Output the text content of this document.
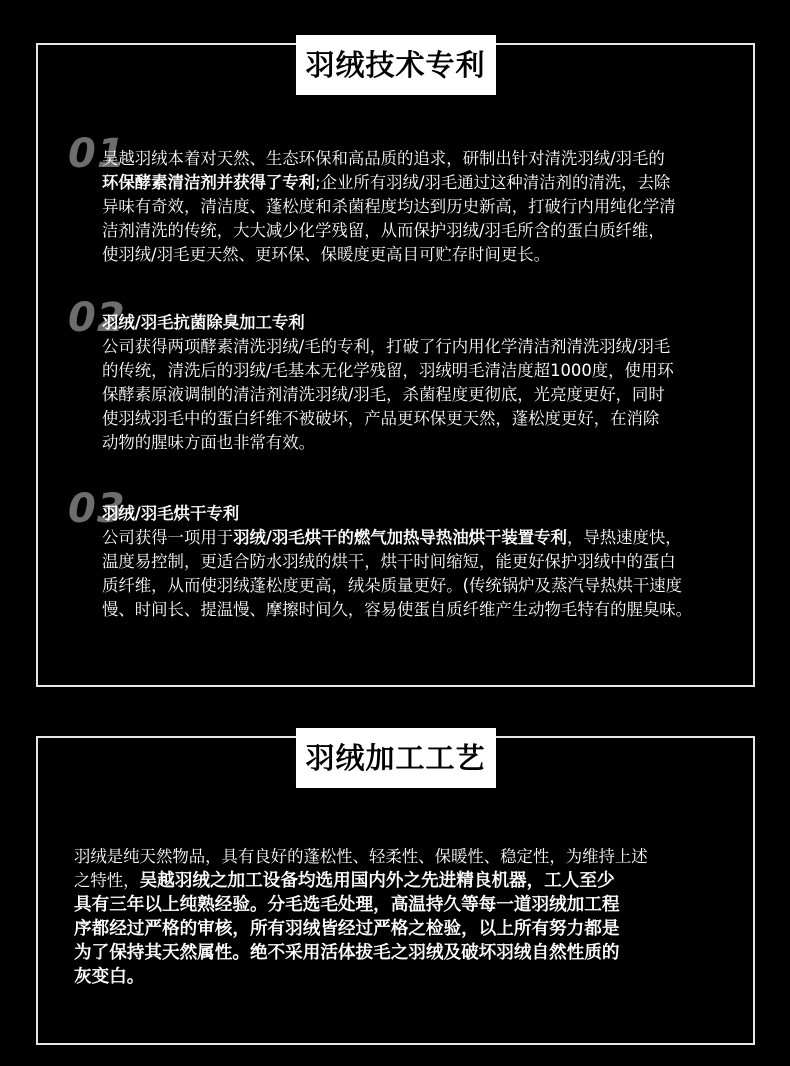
羽绒技术专利
01
吴越羽绒本着对天然、生态环保和高品质的追求，研制出针对清洗羽绒/羽毛的
环保酵素清洁剂并获得了专利;企业所有羽绒/羽毛通过这种清洁剂的清洗，去除
异味有奇效，清洁度、蓬松度和杀菌程度均达到历史新高，打破行内用纯化学清
洁剂清洗的传统，大大减少化学残留，从而保护羽绒/羽毛所含的蛋白质纤维，
使羽绒/羽毛更天然、更环保、保暖度更高目可贮存时间更长。
02
羽绒/羽毛抗菌除臭加工专利
公司获得两项酵素清洗羽绒/毛的专利，打破了行内用化学清洁剂清洗羽绒/羽毛
的传统，清洗后的羽绒/毛基本无化学残留，羽绒明毛清洁度超1000度，使用环
保酵素原液调制的清洁剂清洗羽绒/羽毛，杀菌程度更彻底，光亮度更好，同时
使羽绒羽毛中的蛋白纤维不被破坏，产品更环保更天然，蓬松度更好，在消除
动物的腥味方面也非常有效。
03
羽绒/羽毛烘干专利
公司获得一项用于羽绒/羽毛烘干的燃气加热导热油烘干装置专利，导热速度快，
温度易控制，更适合防水羽绒的烘干，烘干时间缩短，能更好保护羽绒中的蛋白
质纤维，从而使羽绒蓬松度更高，绒朵质量更好。(传统锅炉及蒸汽导热烘干速度
慢、时间长、提温慢、摩擦时间久，容易使蛋自质纤维产生动物毛特有的腥臭味。
羽绒加工工艺
羽绒是纯天然物品，具有良好的蓬松性、轻柔性、保暖性、稳定性，为维持上述
之特性，吴越羽绒之加工设备均选用国内外之先进精良机器，工人至少
具有三年以上纯熟经验。分毛选毛处理，高温持久等每一道羽绒加工程
序都经过严格的审核，所有羽绒皆经过严格之检验，以上所有努力都是
为了保持其天然属性。绝不采用活体拔毛之羽绒及破坏羽绒自然性质的
灰变白。
